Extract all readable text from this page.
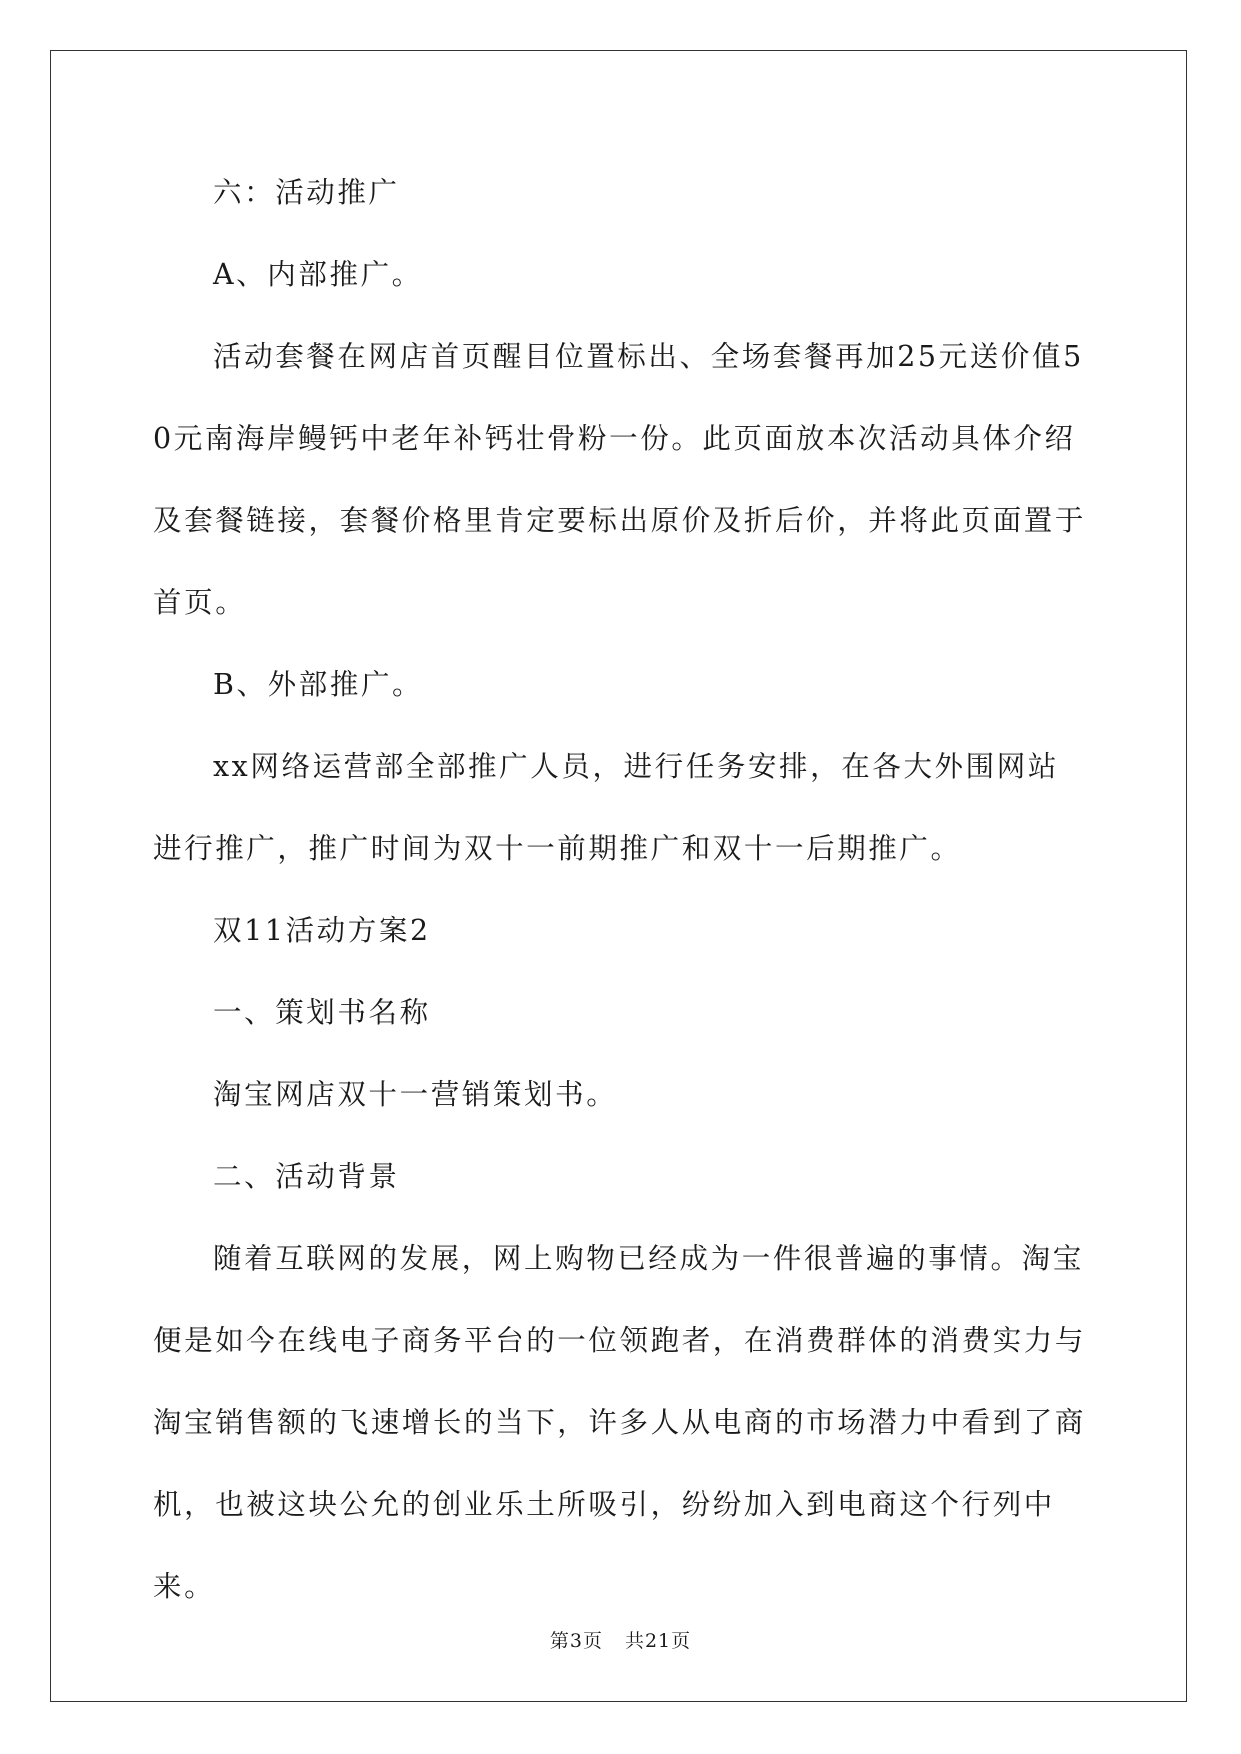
六：活动推广

A、内部推广。

活动套餐在网店首页醒目位置标出、全场套餐再加25元送价值50元南海岸鳗钙中老年补钙壮骨粉一份。此页面放本次活动具体介绍及套餐链接，套餐价格里肯定要标出原价及折后价，并将此页面置于首页。

B、外部推广。

xx网络运营部全部推广人员，进行任务安排，在各大外围网站进行推广，推广时间为双十一前期推广和双十一后期推广。

双11活动方案2

一、策划书名称

淘宝网店双十一营销策划书。

二、活动背景

随着互联网的发展，网上购物已经成为一件很普遍的事情。淘宝便是如今在线电子商务平台的一位领跑者，在消费群体的消费实力与淘宝销售额的飞速增长的当下，许多人从电商的市场潜力中看到了商机，也被这块公允的创业乐土所吸引，纷纷加入到电商这个行列中来。

第3页 共21页
